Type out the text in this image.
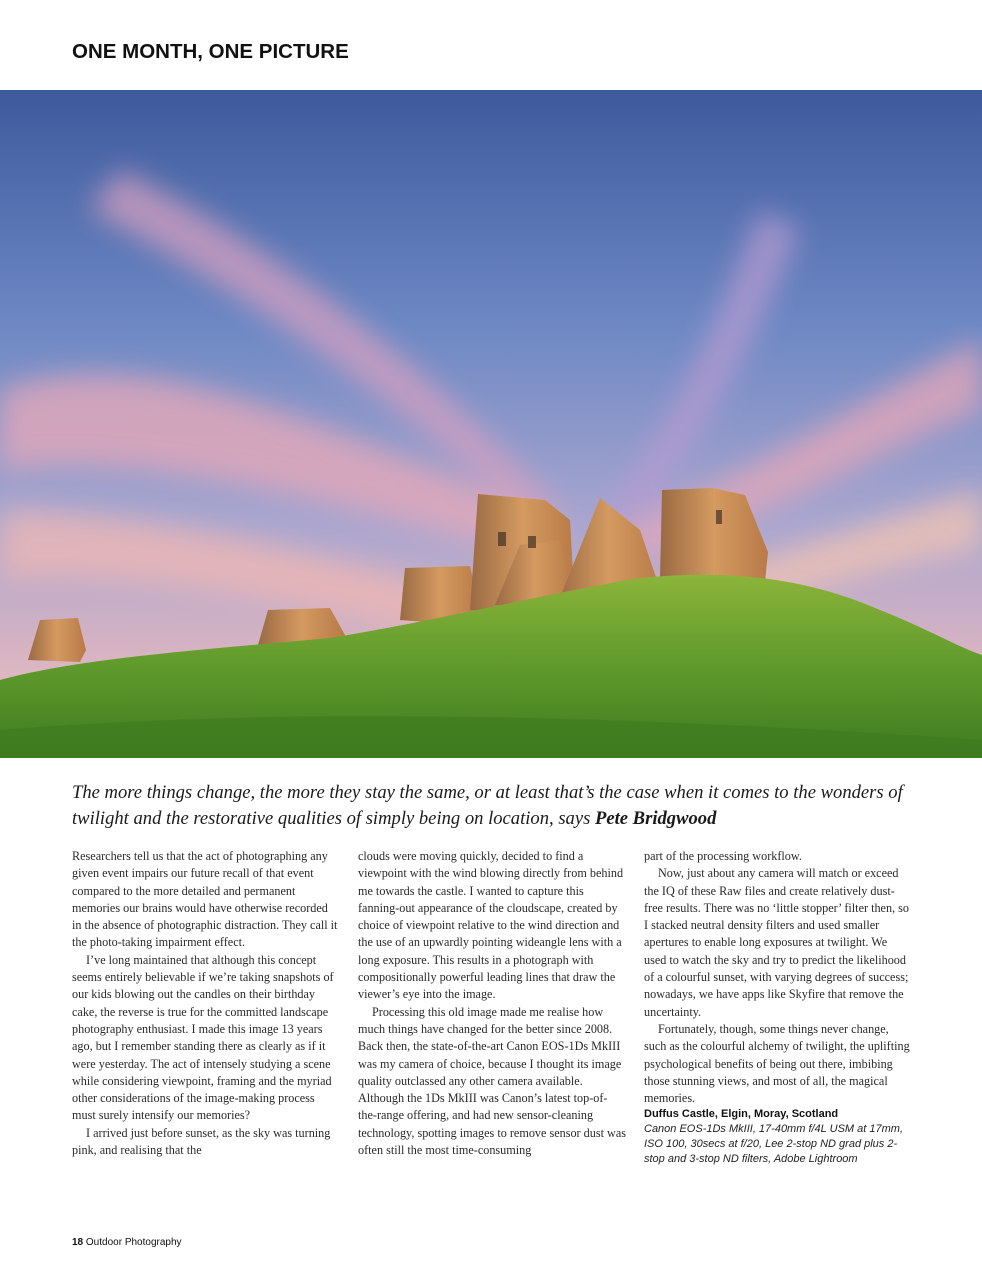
ONE MONTH, ONE PICTURE

The more things change, the more they stay the same, or at least that’s the case when it comes to the wonders of twilight and the restorative qualities of simply being on location, says Pete Bridgwood

Researchers tell us that the act of photographing any given event impairs our future recall of that event compared to the more detailed and permanent memories our brains would have otherwise recorded in the absence of photographic distraction. They call it the photo-taking impairment effect.

I’ve long maintained that although this concept seems entirely believable if we’re taking snapshots of our kids blowing out the candles on their birthday cake, the reverse is true for the committed landscape photography enthusiast. I made this image 13 years ago, but I remember standing there as clearly as if it were yesterday. The act of intensely studying a scene while considering viewpoint, framing and the myriad other considerations of the image-making process must surely intensify our memories?

I arrived just before sunset, as the sky was turning pink, and realising that the

clouds were moving quickly, decided to find a viewpoint with the wind blowing directly from behind me towards the castle. I wanted to capture this fanning-out appearance of the cloudscape, created by choice of viewpoint relative to the wind direction and the use of an upwardly pointing wideangle lens with a long exposure. This results in a photograph with compositionally powerful leading lines that draw the viewer’s eye into the image.

Processing this old image made me realise how much things have changed for the better since 2008. Back then, the state-of-the-art Canon EOS-1Ds MkIII was my camera of choice, because I thought its image quality outclassed any other camera available. Although the 1Ds MkIII was Canon’s latest top-of-the-range offering, and had new sensor-cleaning technology, spotting images to remove sensor dust was often still the most time-consuming

part of the processing workflow.

Now, just about any camera will match or exceed the IQ of these Raw files and create relatively dust-free results. There was no ‘little stopper’ filter then, so I stacked neutral density filters and used smaller apertures to enable long exposures at twilight. We used to watch the sky and try to predict the likelihood of a colourful sunset, with varying degrees of success; nowadays, we have apps like Skyfire that remove the uncertainty.

Fortunately, though, some things never change, such as the colourful alchemy of twilight, the uplifting psychological benefits of being out there, imbibing those stunning views, and most of all, the magical memories.

Duffus Castle, Elgin, Moray, Scotland

Canon EOS-1Ds MkIII, 17-40mm f/4L USM at 17mm, ISO 100, 30secs at f/20, Lee 2-stop ND grad plus 2-stop and 3-stop ND filters, Adobe Lightroom

18 Outdoor Photography
